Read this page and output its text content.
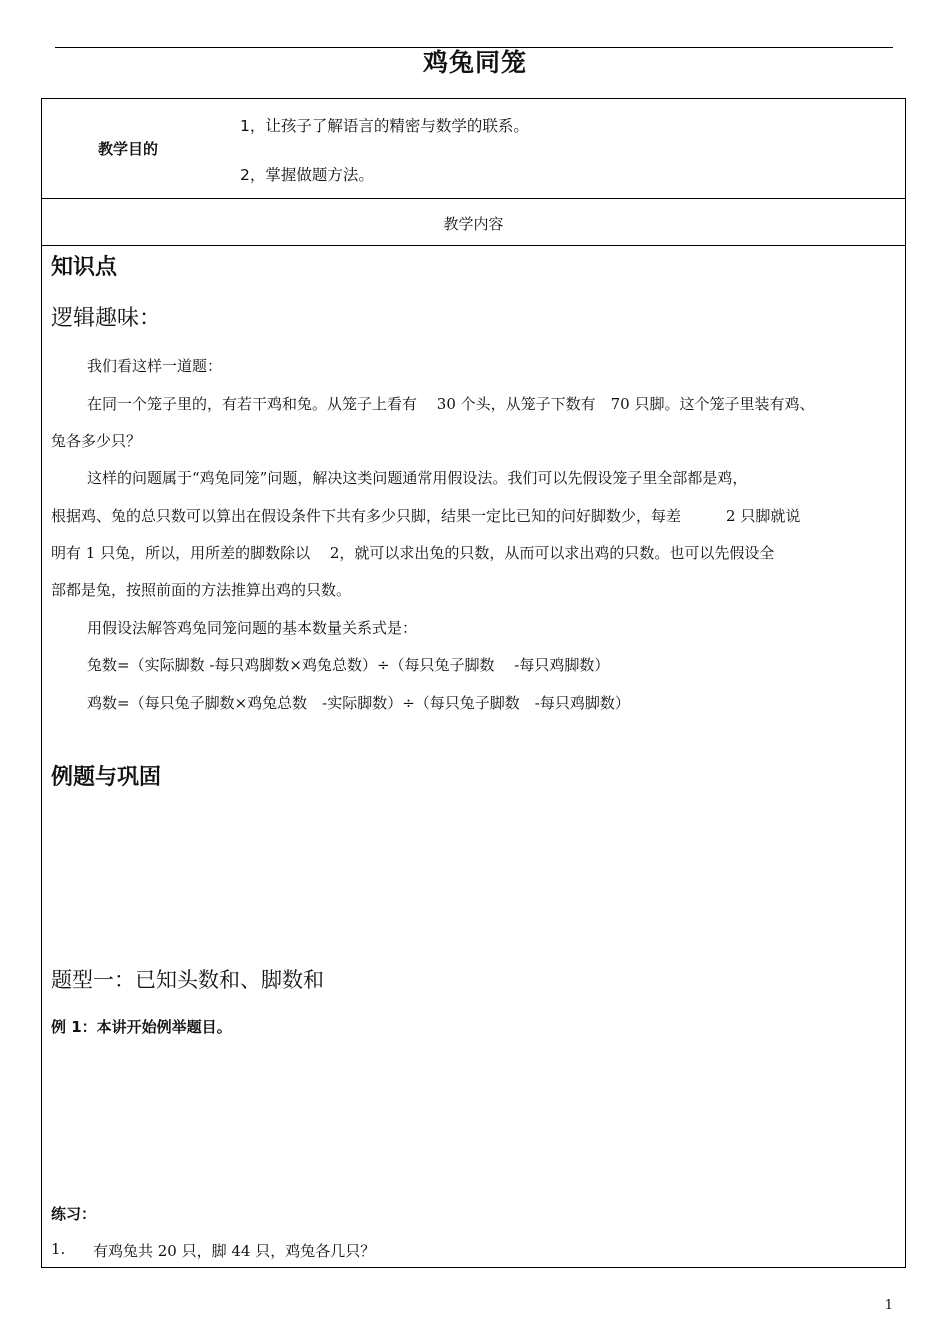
鸡兔同笼
教学目的
1，让孩子了解语言的精密与数学的联系。
2，掌握做题方法。
教学内容
知识点
逻辑趣味：
我们看这样一道题：
在同一个笼子里的，有若干鸡和兔。从笼子上看有　 30 个头，从笼子下数有　70 只脚。这个笼子里装有鸡、
兔各多少只？
这样的问题属于“鸡兔同笼”问题，解决这类问题通常用假设法。我们可以先假设笼子里全部都是鸡，
根据鸡、兔的总只数可以算出在假设条件下共有多少只脚，结果一定比已知的问好脚数少，每差　　　2 只脚就说
明有 1 只兔，所以，用所差的脚数除以　 2，就可以求出兔的只数，从而可以求出鸡的只数。也可以先假设全
部都是兔，按照前面的方法推算出鸡的只数。
用假设法解答鸡兔同笼问题的基本数量关系式是：
兔数=（实际脚数 -每只鸡脚数×鸡兔总数）÷（每只兔子脚数　 -每只鸡脚数）
鸡数=（每只兔子脚数×鸡兔总数　-实际脚数）÷（每只兔子脚数　-每只鸡脚数）
例题与巩固
题型一：已知头数和、脚数和
例 1：本讲开始例举题目。
练习：
1. 有鸡兔共 20 只，脚 44 只，鸡兔各几只？
1
